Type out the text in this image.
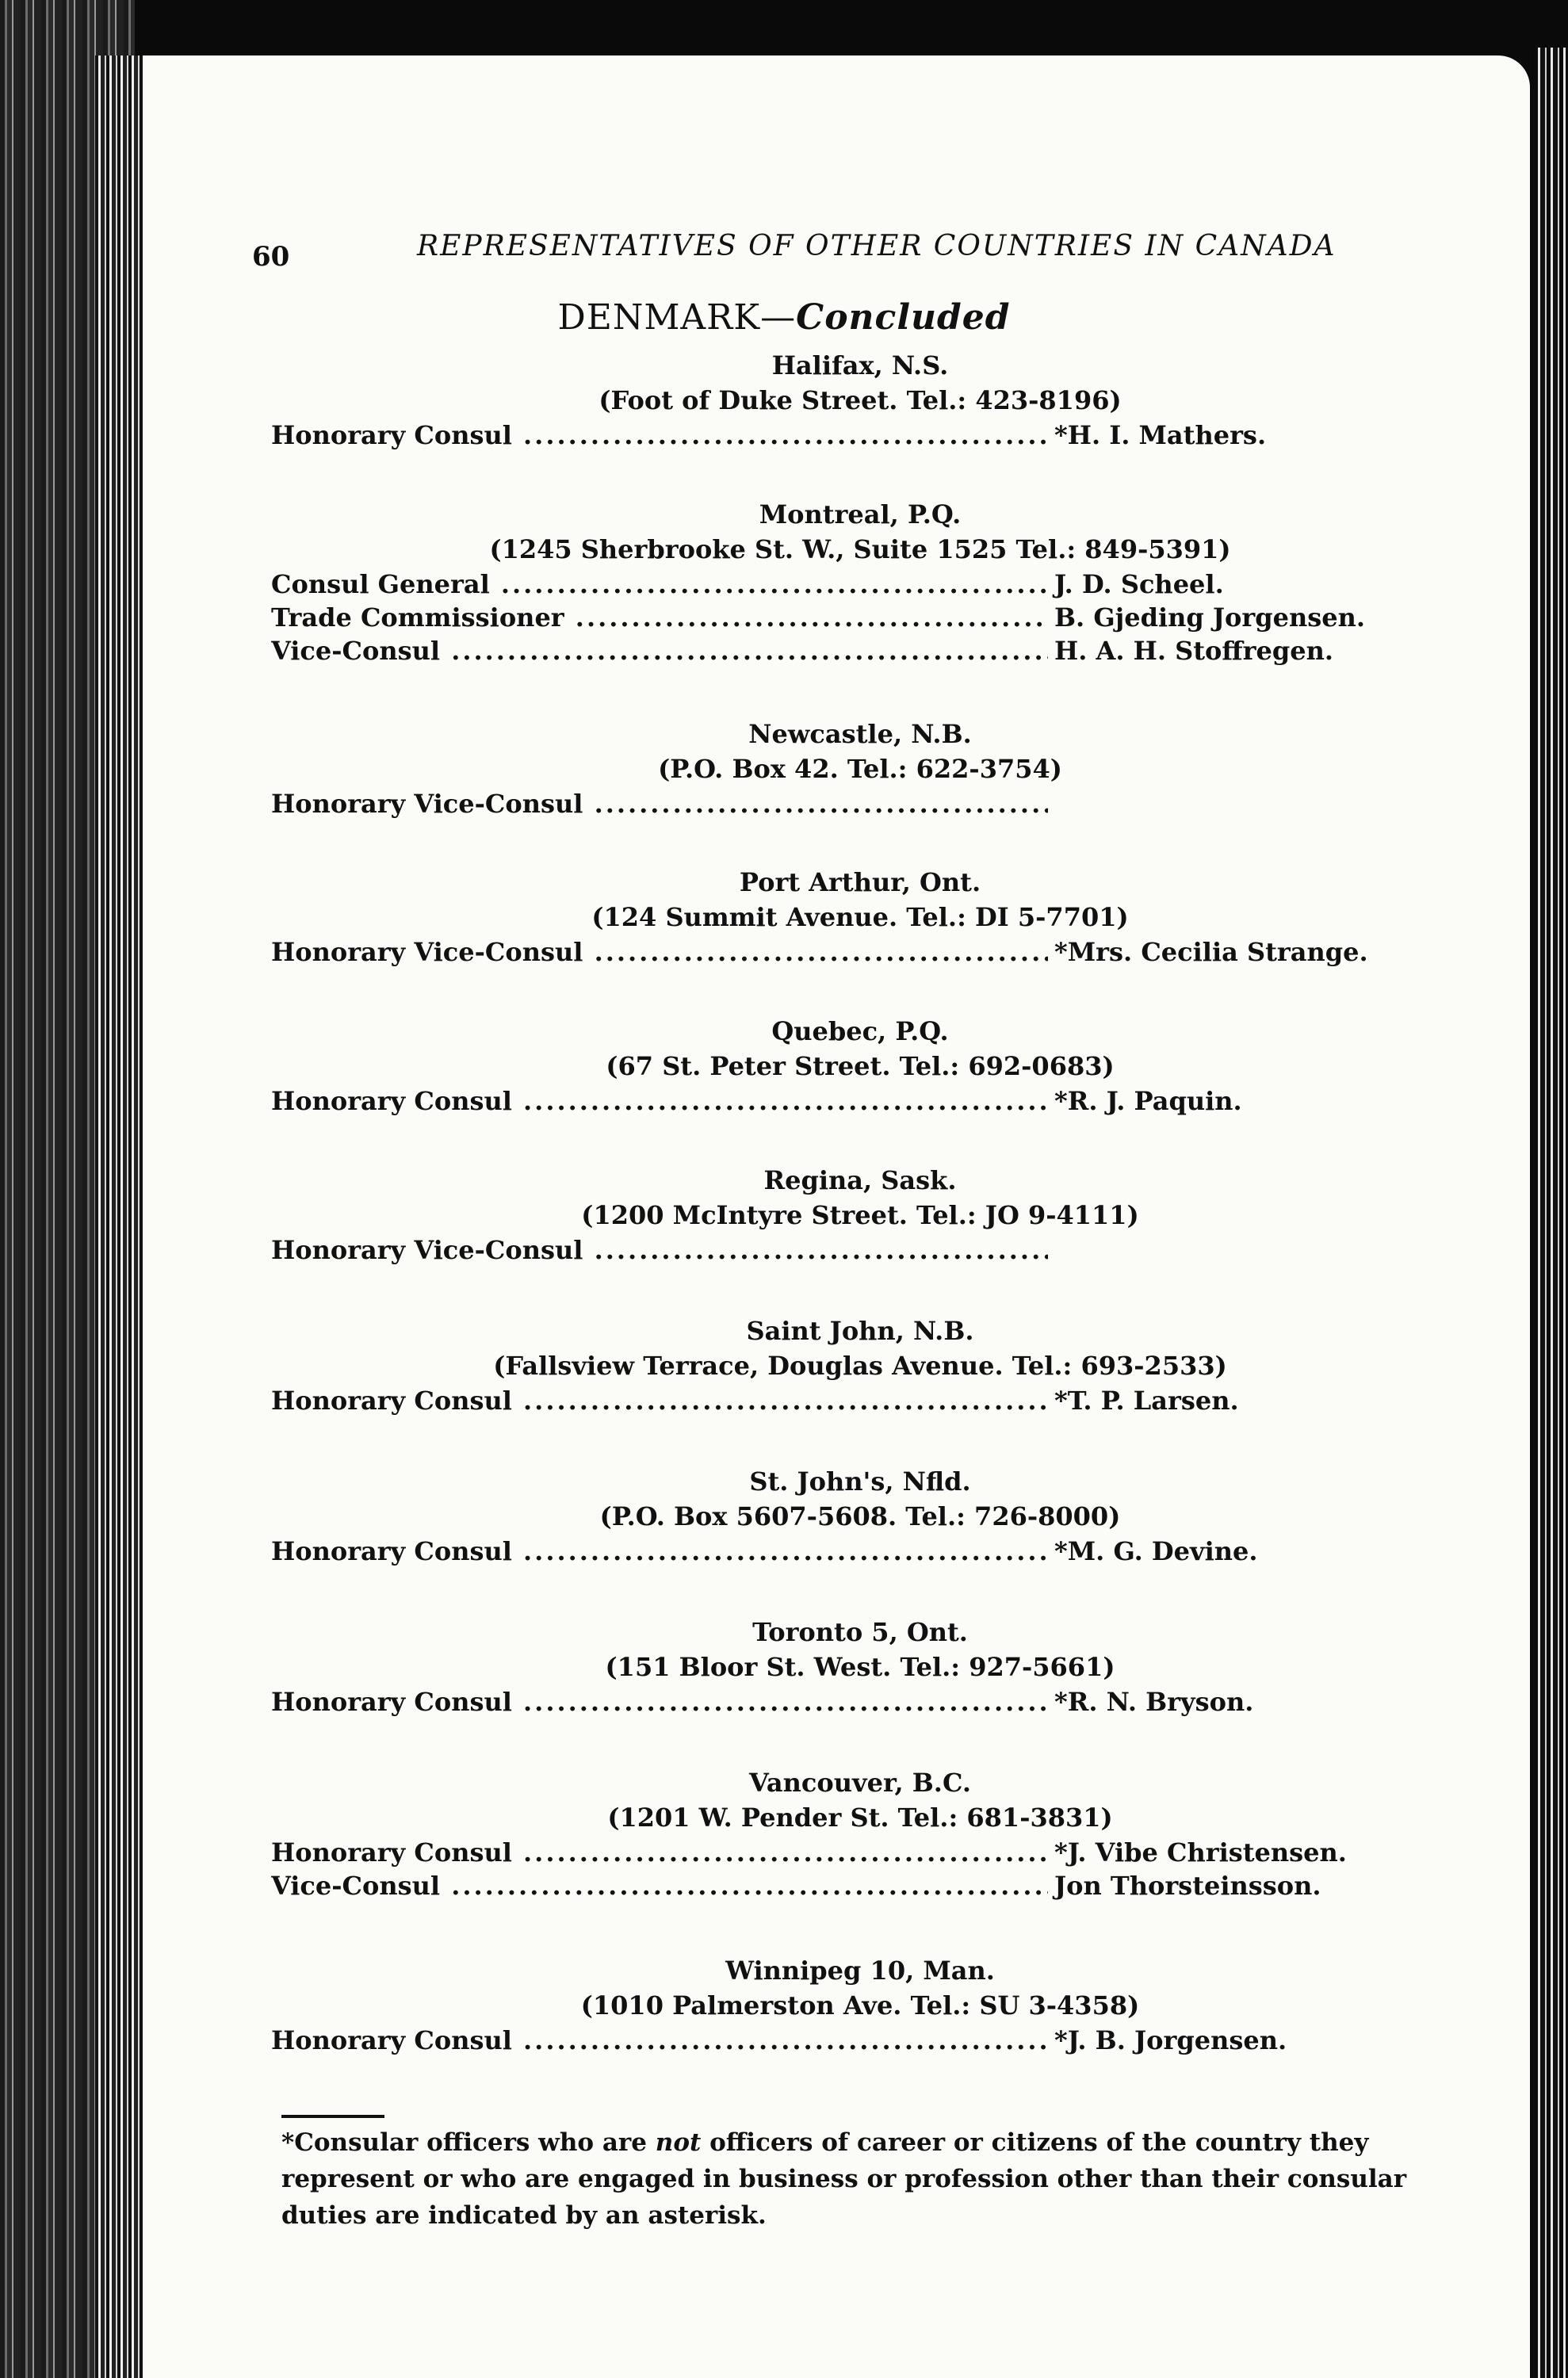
60	REPRESENTATIVES OF OTHER COUNTRIES IN CANADA
DENMARK—Concluded
Halifax, N.S.
(Foot of Duke Street. Tel.: 423-8196)
Honorary Consul .....	*H. I. Mathers.
Montreal, P.Q.
(1245 Sherbrooke St. W., Suite 1525 Tel.: 849-5391)
Consul General .....	J. D. Scheel.
Trade Commissioner .....	B. Gjeding Jorgensen.
Vice-Consul .....	H. A. H. Stoffregen.
Newcastle, N.B.
(P.O. Box 42. Tel.: 622-3754)
Honorary Vice-Consul .....
Port Arthur, Ont.
(124 Summit Avenue. Tel.: DI 5-7701)
Honorary Vice-Consul .....	*Mrs. Cecilia Strange.
Quebec, P.Q.
(67 St. Peter Street. Tel.: 692-0683)
Honorary Consul .....	*R. J. Paquin.
Regina, Sask.
(1200 McIntyre Street. Tel.: JO 9-4111)
Honorary Vice-Consul .....
Saint John, N.B.
(Fallsview Terrace, Douglas Avenue. Tel.: 693-2533)
Honorary Consul .....	*T. P. Larsen.
St. John's, Nfld.
(P.O. Box 5607-5608. Tel.: 726-8000)
Honorary Consul .....	*M. G. Devine.
Toronto 5, Ont.
(151 Bloor St. West. Tel.: 927-5661)
Honorary Consul .....	*R. N. Bryson.
Vancouver, B.C.
(1201 W. Pender St. Tel.: 681-3831)
Honorary Consul .....	*J. Vibe Christensen.
Vice-Consul .....	Jon Thorsteinsson.
Winnipeg 10, Man.
(1010 Palmerston Ave. Tel.: SU 3-4358)
Honorary Consul .....	*J. B. Jorgensen.
*Consular officers who are not officers of career or citizens of the country they represent or who are engaged in business or profession other than their consular duties are indicated by an asterisk.
